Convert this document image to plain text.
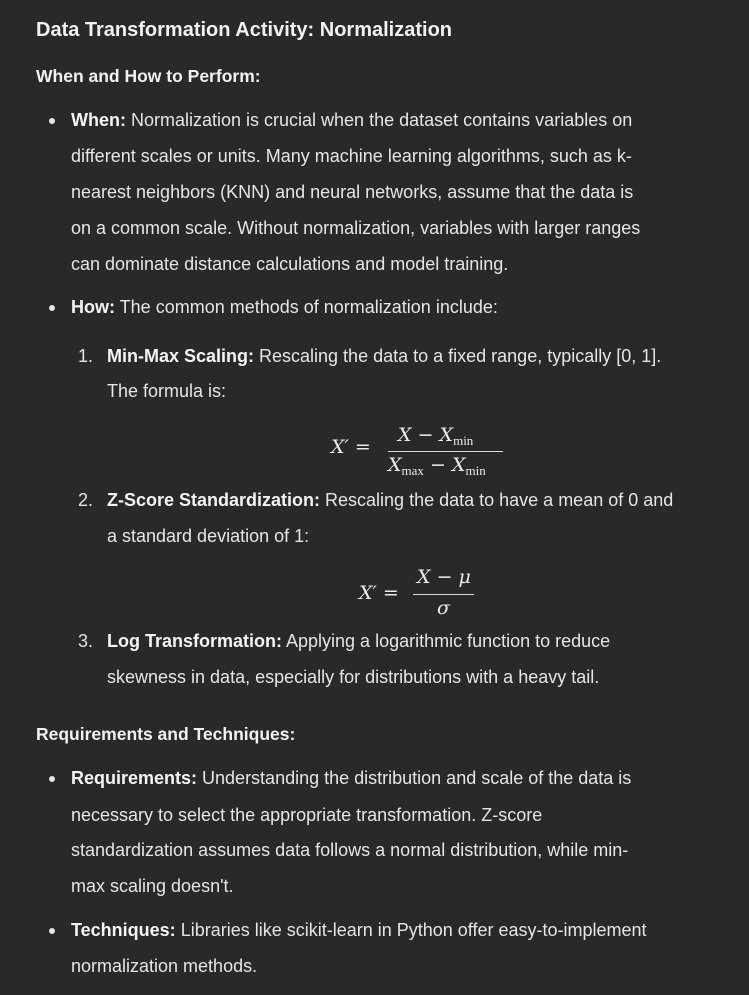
Data Transformation Activity: Normalization
When and How to Perform:
When: Normalization is crucial when the dataset contains variables on
different scales or units. Many machine learning algorithms, such as k-
nearest neighbors (KNN) and neural networks, assume that the data is
on a common scale. Without normalization, variables with larger ranges
can dominate distance calculations and model training.
How: The common methods of normalization include:
1. Min-Max Scaling: Rescaling the data to a fixed range, typically [0, 1].
The formula is:
X′ =
$X - X_{min}$
$X_{max} - X_{min}$
2. Z-Score Standardization: Rescaling the data to have a mean of 0 and
a standard deviation of 1:
X′ =
X − μ
σ
3. Log Transformation: Applying a logarithmic function to reduce
skewness in data, especially for distributions with a heavy tail.
Requirements and Techniques:
Requirements: Understanding the distribution and scale of the data is
necessary to select the appropriate transformation. Z-score
standardization assumes data follows a normal distribution, while min-
max scaling doesn't.
Techniques: Libraries like scikit-learn in Python offer easy-to-implement
normalization methods.
